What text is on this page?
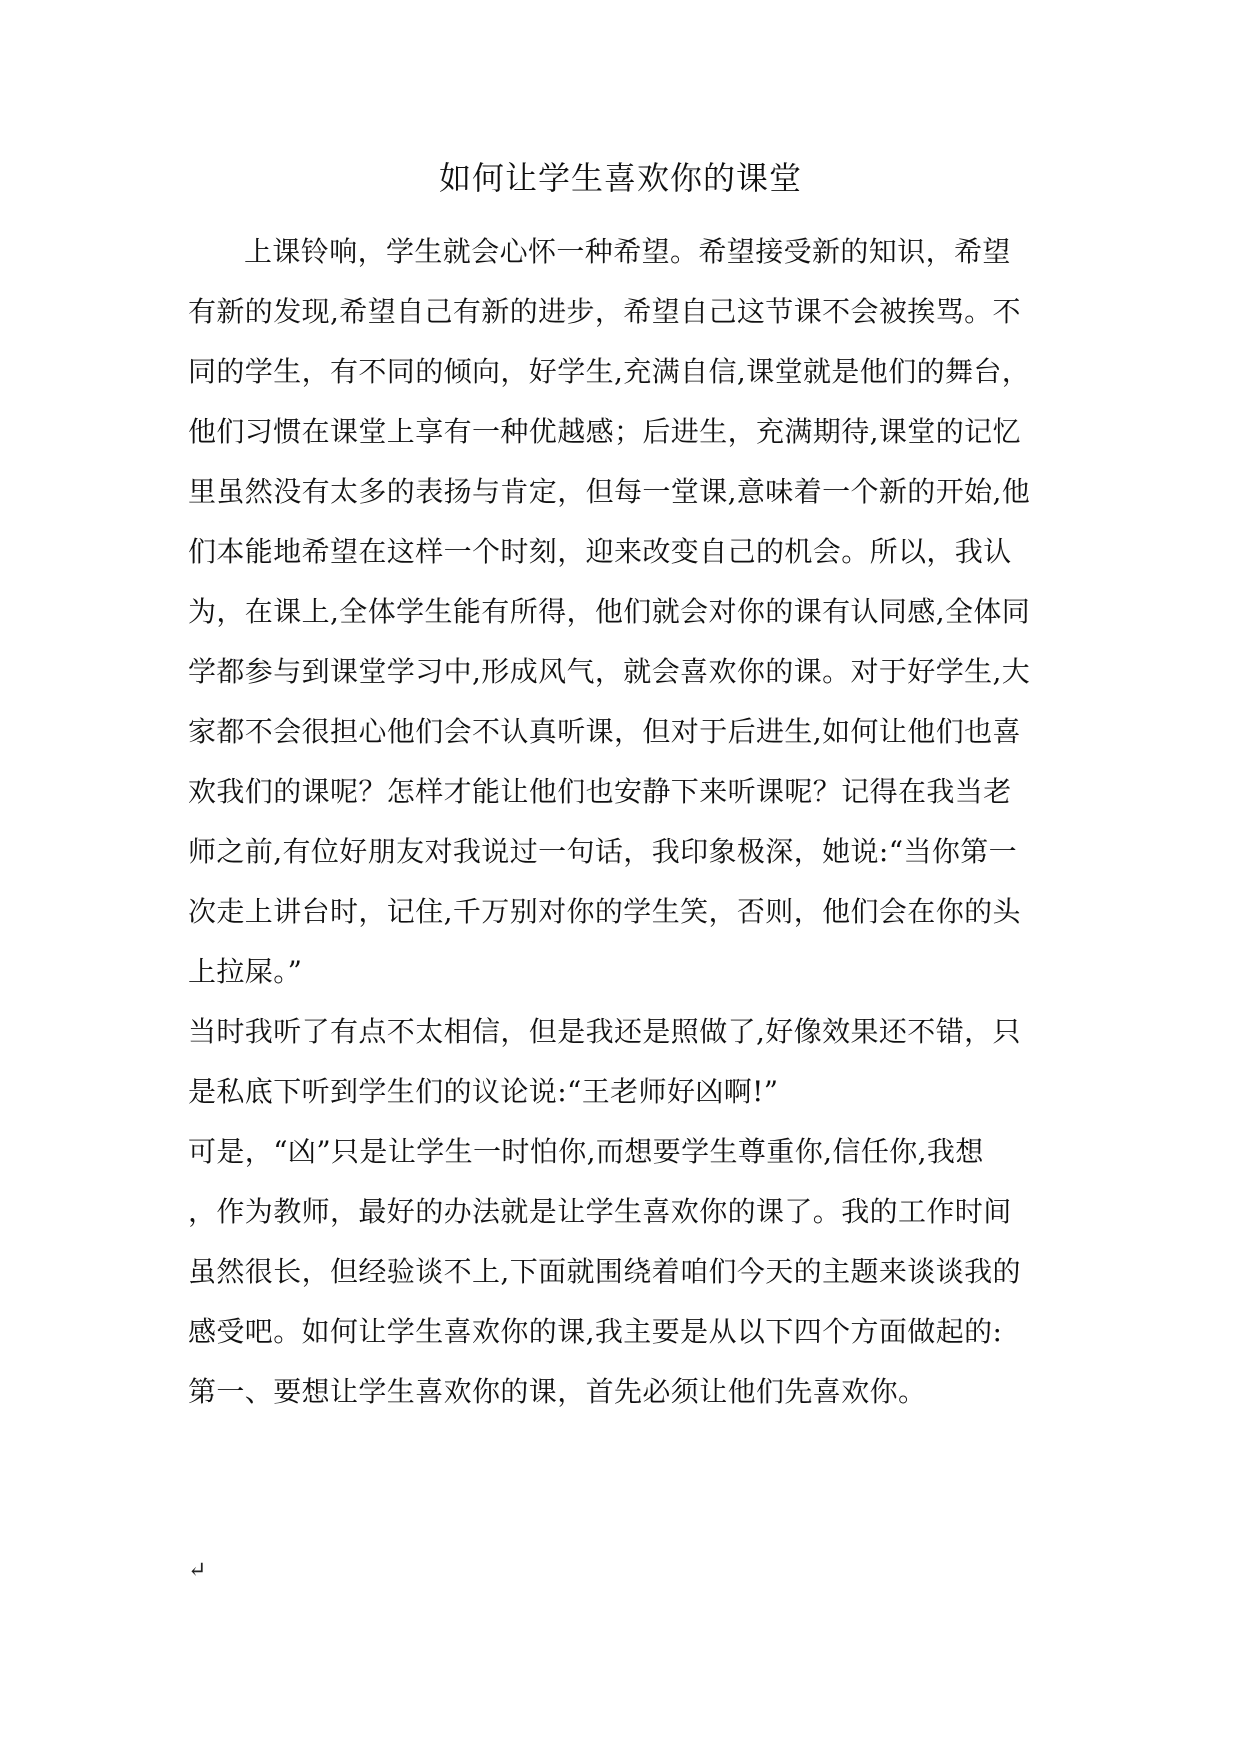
如何让学生喜欢你的课堂
上课铃响，学生就会心怀一种希望。希望接受新的知识，希望
有新的发现,希望自己有新的进步，希望自己这节课不会被挨骂。不
同的学生，有不同的倾向，好学生,充满自信,课堂就是他们的舞台，
他们习惯在课堂上享有一种优越感；后进生，充满期待,课堂的记忆
里虽然没有太多的表扬与肯定，但每一堂课,意味着一个新的开始,他
们本能地希望在这样一个时刻，迎来改变自己的机会。所以，我认
为，在课上,全体学生能有所得，他们就会对你的课有认同感,全体同
学都参与到课堂学习中,形成风气，就会喜欢你的课。对于好学生,大
家都不会很担心他们会不认真听课，但对于后进生,如何让他们也喜
欢我们的课呢？怎样才能让他们也安静下来听课呢？记得在我当老
师之前,有位好朋友对我说过一句话，我印象极深，她说:“当你第一
次走上讲台时，记住,千万别对你的学生笑，否则，他们会在你的头
上拉屎。”
当时我听了有点不太相信，但是我还是照做了,好像效果还不错，只
是私底下听到学生们的议论说:“王老师好凶啊!”
可是，“凶”只是让学生一时怕你,而想要学生尊重你,信任你,我想
，作为教师，最好的办法就是让学生喜欢你的课了。我的工作时间
虽然很长，但经验谈不上,下面就围绕着咱们今天的主题来谈谈我的
感受吧。如何让学生喜欢你的课,我主要是从以下四个方面做起的:
第一、要想让学生喜欢你的课，首先必须让他们先喜欢你。
↵
